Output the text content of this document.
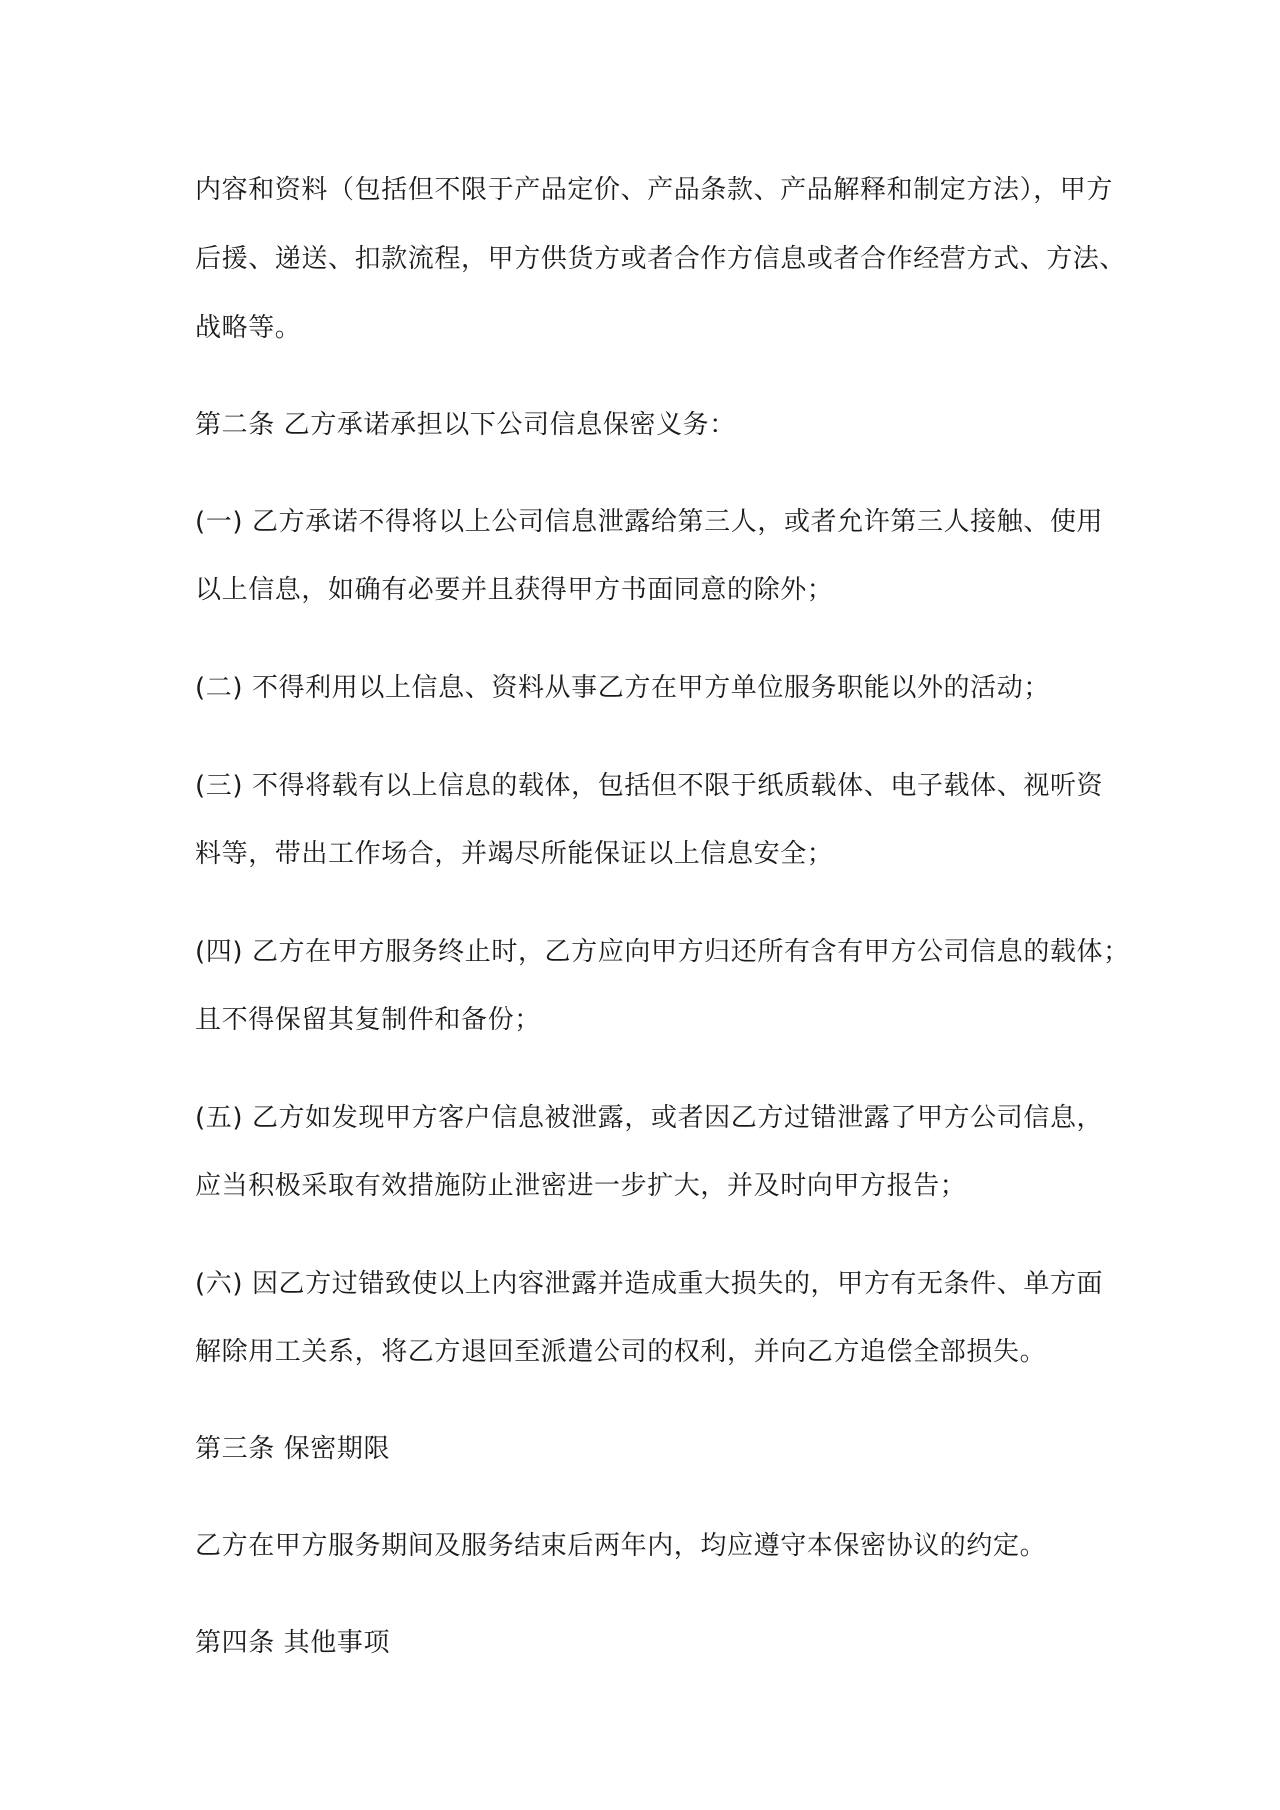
内容和资料（包括但不限于产品定价、产品条款、产品解释和制定方法），甲方
后援、递送、扣款流程，甲方供货方或者合作方信息或者合作经营方式、方法、
战略等。
第二条 乙方承诺承担以下公司信息保密义务：
(一) 乙方承诺不得将以上公司信息泄露给第三人，或者允许第三人接触、使用
以上信息，如确有必要并且获得甲方书面同意的除外；
(二) 不得利用以上信息、资料从事乙方在甲方单位服务职能以外的活动；
(三) 不得将载有以上信息的载体，包括但不限于纸质载体、电子载体、视听资
料等，带出工作场合，并竭尽所能保证以上信息安全；
(四) 乙方在甲方服务终止时，乙方应向甲方归还所有含有甲方公司信息的载体；
且不得保留其复制件和备份；
(五) 乙方如发现甲方客户信息被泄露，或者因乙方过错泄露了甲方公司信息，
应当积极采取有效措施防止泄密进一步扩大，并及时向甲方报告；
(六) 因乙方过错致使以上内容泄露并造成重大损失的，甲方有无条件、单方面
解除用工关系，将乙方退回至派遣公司的权利，并向乙方追偿全部损失。
第三条 保密期限
乙方在甲方服务期间及服务结束后两年内，均应遵守本保密协议的约定。
第四条 其他事项
